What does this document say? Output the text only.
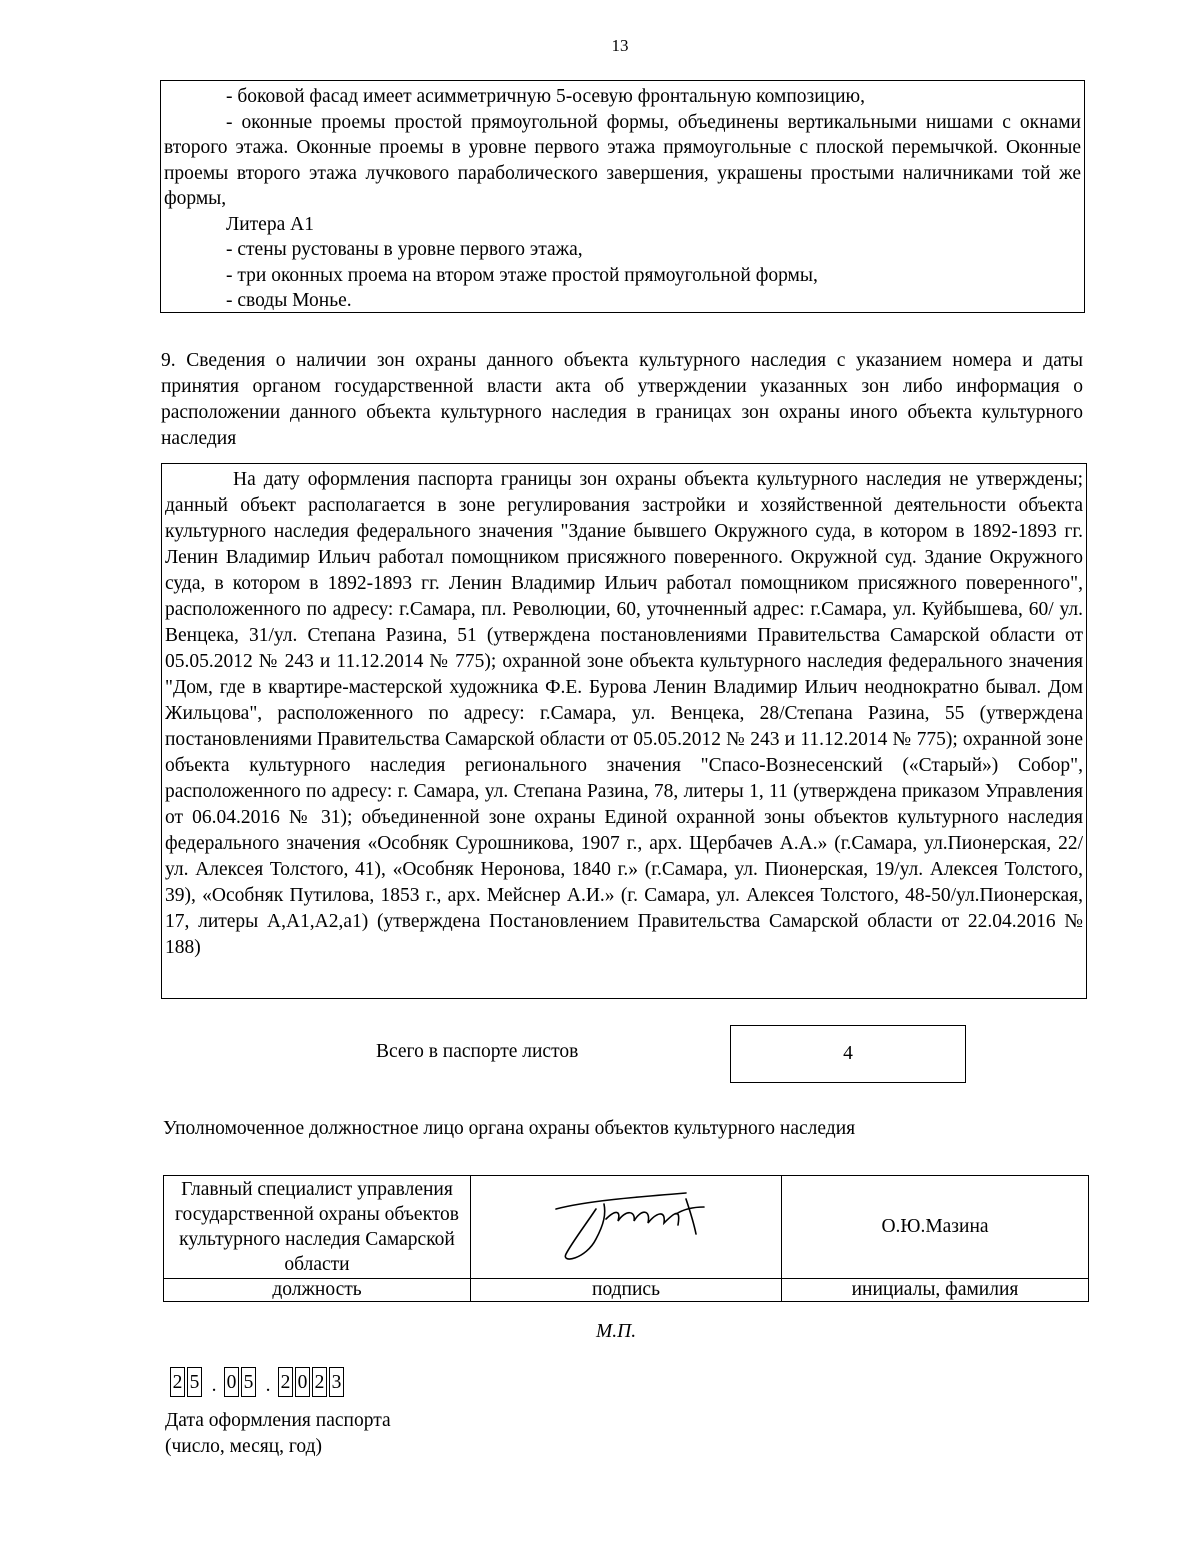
13

- боковой фасад имеет асимметричную 5-осевую фронтальную композицию,

- оконные проемы простой прямоугольной формы, объединены вертикальными нишами с окнами второго этажа. Оконные проемы в уровне первого этажа прямоугольные с плоской перемычкой. Оконные проемы второго этажа лучкового параболического завершения, украшены простыми наличниками той же формы,

Литера А1

- стены рустованы в уровне первого этажа,

- три оконных проема на втором этаже простой прямоугольной формы,

- своды Монье.

9. Сведения о наличии зон охраны данного объекта культурного наследия с указанием номера и даты принятия органом государственной власти акта об утверждении указанных зон либо информация о расположении данного объекта культурного наследия в границах зон охраны иного объекта культурного наследия

На дату оформления паспорта границы зон охраны объекта культурного наследия не утверждены; данный объект располагается в зоне регулирования застройки и хозяйственной деятельности объекта культурного наследия федерального значения "Здание бывшего Окружного суда, в котором в 1892-1893 гг. Ленин Владимир Ильич работал помощником присяжного поверенного. Окружной суд. Здание Окружного суда, в котором в 1892-1893 гг. Ленин Владимир Ильич работал помощником присяжного поверенного", расположенного по адресу: г.Самара, пл. Революции, 60, уточненный адрес: г.Самара, ул. Куйбышева, 60/ ул. Венцека, 31/ул. Степана Разина, 51 (утверждена постановлениями Правительства Самарской области от 05.05.2012 № 243 и 11.12.2014 № 775); охранной зоне объекта культурного наследия федерального значения "Дом, где в квартире-мастерской художника Ф.Е. Бурова Ленин Владимир Ильич неоднократно бывал. Дом Жильцова", расположенного по адресу: г.Самара, ул. Венцека, 28/Степана Разина, 55 (утверждена постановлениями Правительства Самарской области от 05.05.2012 № 243 и 11.12.2014 № 775); охранной зоне объекта культурного наследия регионального значения "Спасо-Вознесенский («Старый») Собор", расположенного по адресу: г. Самара, ул. Степана Разина, 78, литеры 1, 11 (утверждена приказом Управления от 06.04.2016 № 31); объединенной зоне охраны Единой охранной зоны объектов культурного наследия федерального значения «Особняк Сурошникова, 1907 г., арх. Щербачев А.А.» (г.Самара, ул.Пионерская, 22/ул. Алексея Толстого, 41), «Особняк Неронова, 1840 г.» (г.Самара, ул. Пионерская, 19/ул. Алексея Толстого, 39), «Особняк Путилова, 1853 г., арх. Мейснер А.И.» (г. Самара, ул. Алексея Толстого, 48-50/ул.Пионерская, 17, литеры А,А1,А2,а1) (утверждена Постановлением Правительства Самарской области от 22.04.2016 № 188)
Всего в паспорте листов	4
Уполномоченное должностное лицо органа охраны объектов культурного наследия
Главный специалист управления государственной охраны объектов культурного наследия Самарской области		О.Ю.Мазина
должность	подпись	инициалы, фамилия
М.П.
2 5 . 0 5 . 2 0 2 3
Дата оформления паспорта
(число, месяц, год)
